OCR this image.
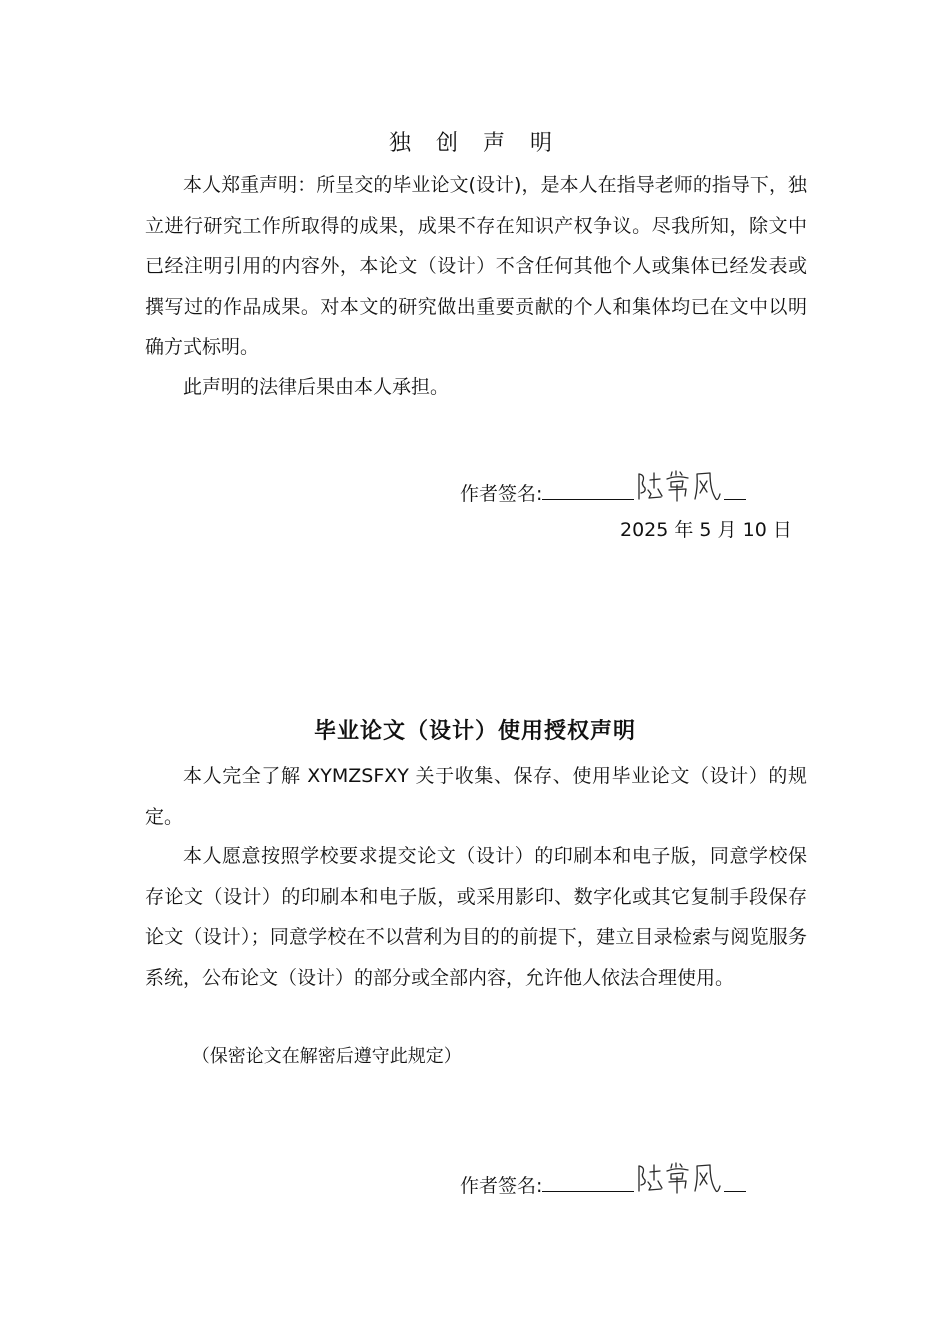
独 创 声 明

本人郑重声明：所呈交的毕业论文(设计)，是本人在指导老师的指导下，独立进行研究工作所取得的成果，成果不存在知识产权争议。尽我所知，除文中已经注明引用的内容外，本论文（设计）不含任何其他个人或集体已经发表或撰写过的作品成果。对本文的研究做出重要贡献的个人和集体均已在文中以明确方式标明。

此声明的法律后果由本人承担。

作者签名:
2025 年 5 月 10 日
毕业论文（设计）使用授权声明

本人完全了解 XYMZSFXY 关于收集、保存、使用毕业论文（设计）的规定。

本人愿意按照学校要求提交论文（设计）的印刷本和电子版，同意学校保存论文（设计）的印刷本和电子版，或采用影印、数字化或其它复制手段保存论文（设计）；同意学校在不以营利为目的的前提下，建立目录检索与阅览服务系统，公布论文（设计）的部分或全部内容，允许他人依法合理使用。

（保密论文在解密后遵守此规定）

作者签名:
